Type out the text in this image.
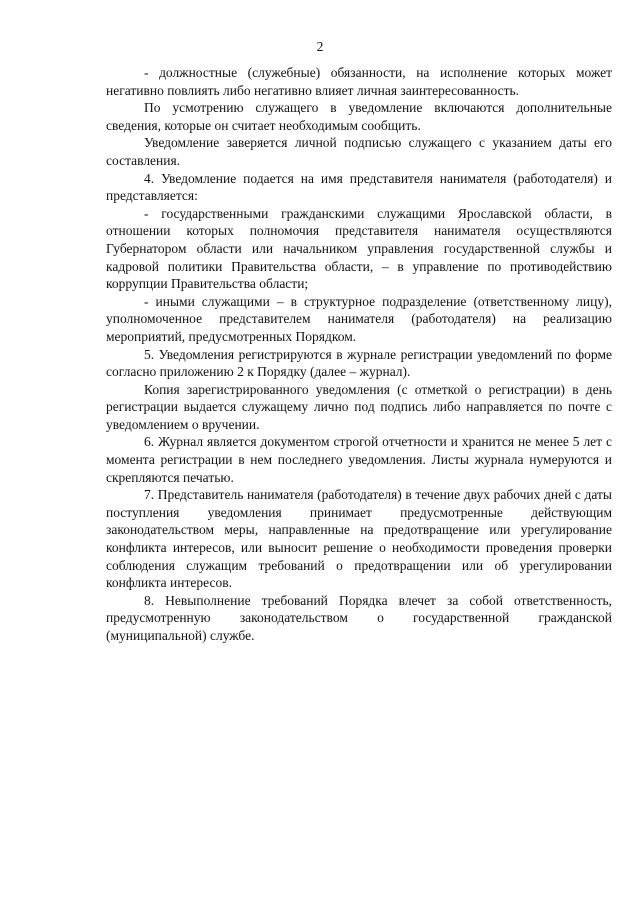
2

- должностные (служебные) обязанности, на исполнение которых может негативно повлиять либо негативно влияет личная заинтересованность.

По усмотрению служащего в уведомление включаются дополнительные сведения, которые он считает необходимым сообщить.

Уведомление заверяется личной подписью служащего с указанием даты его составления.

4. Уведомление подается на имя представителя нанимателя (работодателя) и представляется:

- государственными гражданскими служащими Ярославской области, в отношении которых полномочия представителя нанимателя осуществляются Губернатором области или начальником управления государственной службы и кадровой политики Правительства области, – в управление по противодействию коррупции Правительства области;

- иными служащими – в структурное подразделение (ответственному лицу), уполномоченное представителем нанимателя (работодателя) на реализацию мероприятий, предусмотренных Порядком.

5. Уведомления регистрируются в журнале регистрации уведомлений по форме согласно приложению 2 к Порядку (далее – журнал).

Копия зарегистрированного уведомления (с отметкой о регистрации) в день регистрации выдается служащему лично под подпись либо направляется по почте с уведомлением о вручении.

6. Журнал является документом строгой отчетности и хранится не менее 5 лет с момента регистрации в нем последнего уведомления. Листы журнала нумеруются и скрепляются печатью.

7. Представитель нанимателя (работодателя) в течение двух рабочих дней с даты поступления уведомления принимает предусмотренные действующим законодательством меры, направленные на предотвращение или урегулирование конфликта интересов, или выносит решение о необходимости проведения проверки соблюдения служащим требований о предотвращении или об урегулировании конфликта интересов.

8. Невыполнение требований Порядка влечет за собой ответственность, предусмотренную законодательством о государственной гражданской (муниципальной) службе.
